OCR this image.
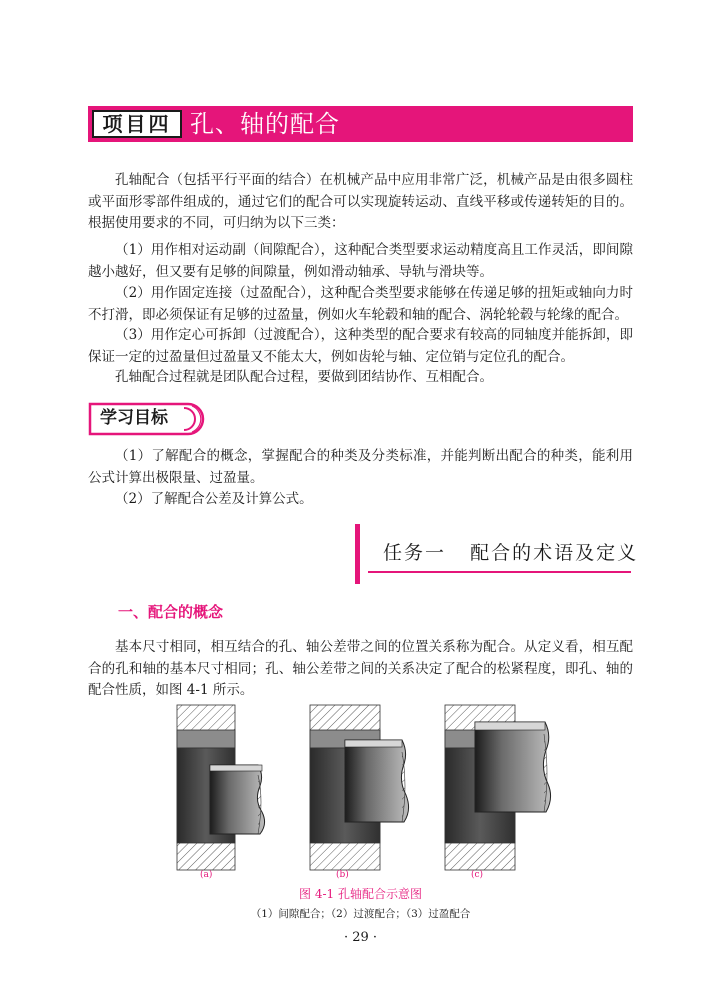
项目四 孔、轴的配合

孔轴配合（包括平行平面的结合）在机械产品中应用非常广泛，机械产品是由很多圆柱或平面形零部件组成的，通过它们的配合可以实现旋转运动、直线平移或传递转矩的目的。根据使用要求的不同，可归纳为以下三类：

（1）用作相对运动副（间隙配合），这种配合类型要求运动精度高且工作灵活，即间隙越小越好，但又要有足够的间隙量，例如滑动轴承、导轨与滑块等。

（2）用作固定连接（过盈配合），这种配合类型要求能够在传递足够的扭矩或轴向力时不打滑，即必须保证有足够的过盈量，例如火车轮毂和轴的配合、涡轮轮毂与轮缘的配合。

（3）用作定心可拆卸（过渡配合），这种类型的配合要求有较高的同轴度并能拆卸，即保证一定的过盈量但过盈量又不能太大，例如齿轮与轴、定位销与定位孔的配合。

孔轴配合过程就是团队配合过程，要做到团结协作、互相配合。

学习目标

（1）了解配合的概念，掌握配合的种类及分类标准，并能判断出配合的种类，能利用公式计算出极限量、过盈量。

（2）了解配合公差及计算公式。

任务一   配合的术语及定义
一、配合的概念

基本尺寸相同，相互结合的孔、轴公差带之间的位置关系称为配合。从定义看，相互配合的孔和轴的基本尺寸相同；孔、轴公差带之间的关系决定了配合的松紧程度，即孔、轴的配合性质，如图 4-1 所示。

(a)	(b)	(c)
图 4-1 孔轴配合示意图
（1）间隙配合；（2）过渡配合；（3）过盈配合
· 29 ·
